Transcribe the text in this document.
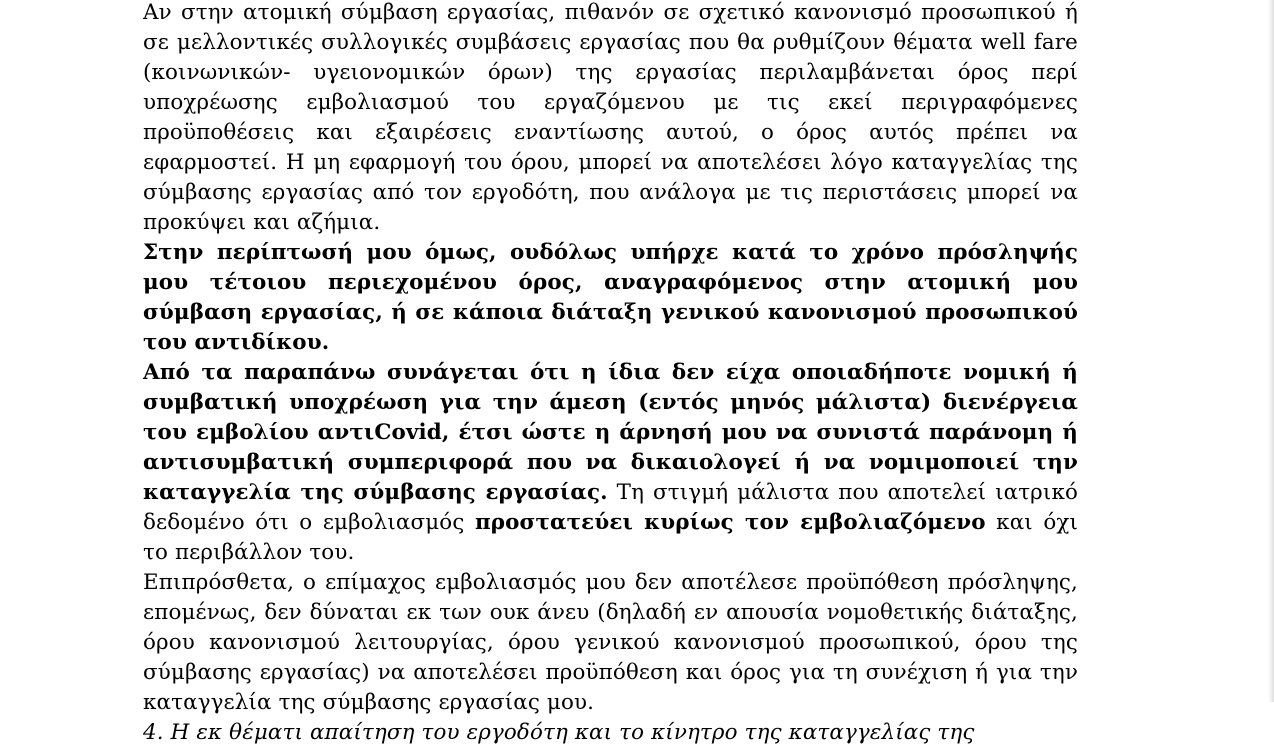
Αν στην ατομική σύμβαση εργασίας, πιθανόν σε σχετικό κανονισμό προσωπικού ή σε μελλοντικές συλλογικές συμβάσεις εργασίας που θα ρυθμίζουν θέματα well fare (κοινωνικών- υγειονομικών όρων) της εργασίας περιλαμβάνεται όρος περί υποχρέωσης εμβολιασμού του εργαζόμενου με τις εκεί περιγραφόμενες προϋποθέσεις και εξαιρέσεις εναντίωσης αυτού, ο όρος αυτός πρέπει να εφαρμοστεί. Η μη εφαρμογή του όρου, μπορεί να αποτελέσει λόγο καταγγελίας της σύμβασης εργασίας από τον εργοδότη, που ανάλογα με τις περιστάσεις μπορεί να προκύψει και αζήμια.

Στην περίπτωσή μου όμως, ουδόλως υπήρχε κατά το χρόνο πρόσληψής μου τέτοιου περιεχομένου όρος, αναγραφόμενος στην ατομική μου σύμβαση εργασίας, ή σε κάποια διάταξη γενικού κανονισμού προσωπικού του αντιδίκου.

Από τα παραπάνω συνάγεται ότι η ίδια δεν είχα οποιαδήποτε νομική ή συμβατική υποχρέωση για την άμεση (εντός μηνός μάλιστα) διενέργεια του εμβολίου αντιCovid, έτσι ώστε η άρνησή μου να συνιστά παράνομη ή αντισυμβατική συμπεριφορά που να δικαιολογεί ή να νομιμοποιεί την καταγγελία της σύμβασης εργασίας. Τη στιγμή μάλιστα που αποτελεί ιατρικό δεδομένο ότι ο εμβολιασμός προστατεύει κυρίως τον εμβολιαζόμενο και όχι το περιβάλλον του.

Επιπρόσθετα, ο επίμαχος εμβολιασμός μου δεν αποτέλεσε προϋπόθεση πρόσληψης, επομένως, δεν δύναται εκ των ουκ άνευ (δηλαδή εν απουσία νομοθετικής διάταξης, όρου κανονισμού λειτουργίας, όρου γενικού κανονισμού προσωπικού, όρου της σύμβασης εργασίας) να αποτελέσει προϋπόθεση και όρος για τη συνέχιση ή για την καταγγελία της σύμβασης εργασίας μου.

4. Η εκ θέματι απαίτηση του εργοδότη και το κίνητρο της καταγγελίας της
